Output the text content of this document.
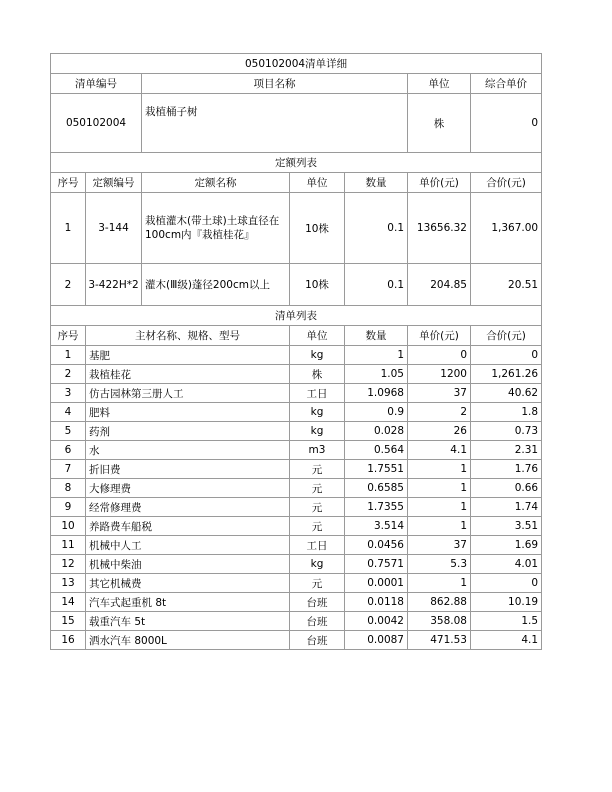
050102004清单详细						
清单编号		项目名称			单位	综合单价
050102004		栽植桶子树			株	0
定额列表						
序号	定额编号	定额名称	单位	数量	单价(元)	合价(元)
1	3-144	栽植灌木(带土球)土球直径在100cm内『栽植桂花』	10株	0.1	13656.32	1,367.00
2	3-422H*2	灌木(Ⅲ级)蓬径200cm以上	10株	0.1	204.85	20.51
清单列表						
序号	主材名称、规格、型号		单位	数量	单价(元)	合价(元)
1	基肥		kg	1	0	0
2	栽植桂花		株	1.05	1200	1,261.26
3	仿古园林第三册人工		工日	1.0968	37	40.62
4	肥料		kg	0.9	2	1.8
5	药剂		kg	0.028	26	0.73
6	水		m3	0.564	4.1	2.31
7	折旧费		元	1.7551	1	1.76
8	大修理费		元	0.6585	1	0.66
9	经常修理费		元	1.7355	1	1.74
10	养路费车船税		元	3.514	1	3.51
11	机械中人工		工日	0.0456	37	1.69
12	机械中柴油		kg	0.7571	5.3	4.01
13	其它机械费		元	0.0001	1	0
14	汽车式起重机 8t		台班	0.0118	862.88	10.19
15	载重汽车 5t		台班	0.0042	358.08	1.5
16	洒水汽车 8000L		台班	0.0087	471.53	4.1
